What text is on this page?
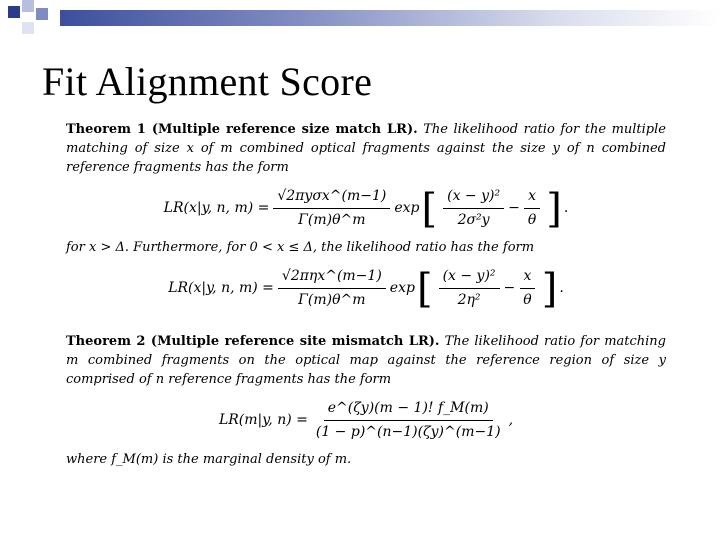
Fit Alignment Score

Theorem 1 (Multiple reference size match LR). The likelihood ratio for the multiple matching of size x of m combined optical fragments against the size y of n combined reference fragments has the form

LR(x|y, n, $m) = \frac{\text{√2πyσx\textasciicircum{}(m−1)}}{\Gamma(m)\theta\^{}m}$ exp [ $\frac{\text{(x − y)²}}{\text{2σ²y}} - \frac{x}{\theta}$ ] .

for x > Δ. Furthermore, for 0 < x ≤ Δ, the likelihood ratio has the form

LR(x|y, n, $m) = \frac{\text{√2πηx\textasciicircum{}(m−1)}}{\Gamma(m)\theta\^{}m}$ exp [ $\frac{\text{(x − y)²}}{\text{2η²}} - \frac{x}{\theta}$ ] .

Theorem 2 (Multiple reference site mismatch LR). The likelihood ratio for matching m combined fragments on the optical map against the reference region of size y comprised of n reference fragments has the form

LR(m|y, $n) = \frac{e\^{}(\zeta y)(m - 1)! f\_M(m)}{(1 - p)\^{}(n-1)(\zeta y)\^{}(m-1)}$ ,

where f_M(m) is the marginal density of m.
